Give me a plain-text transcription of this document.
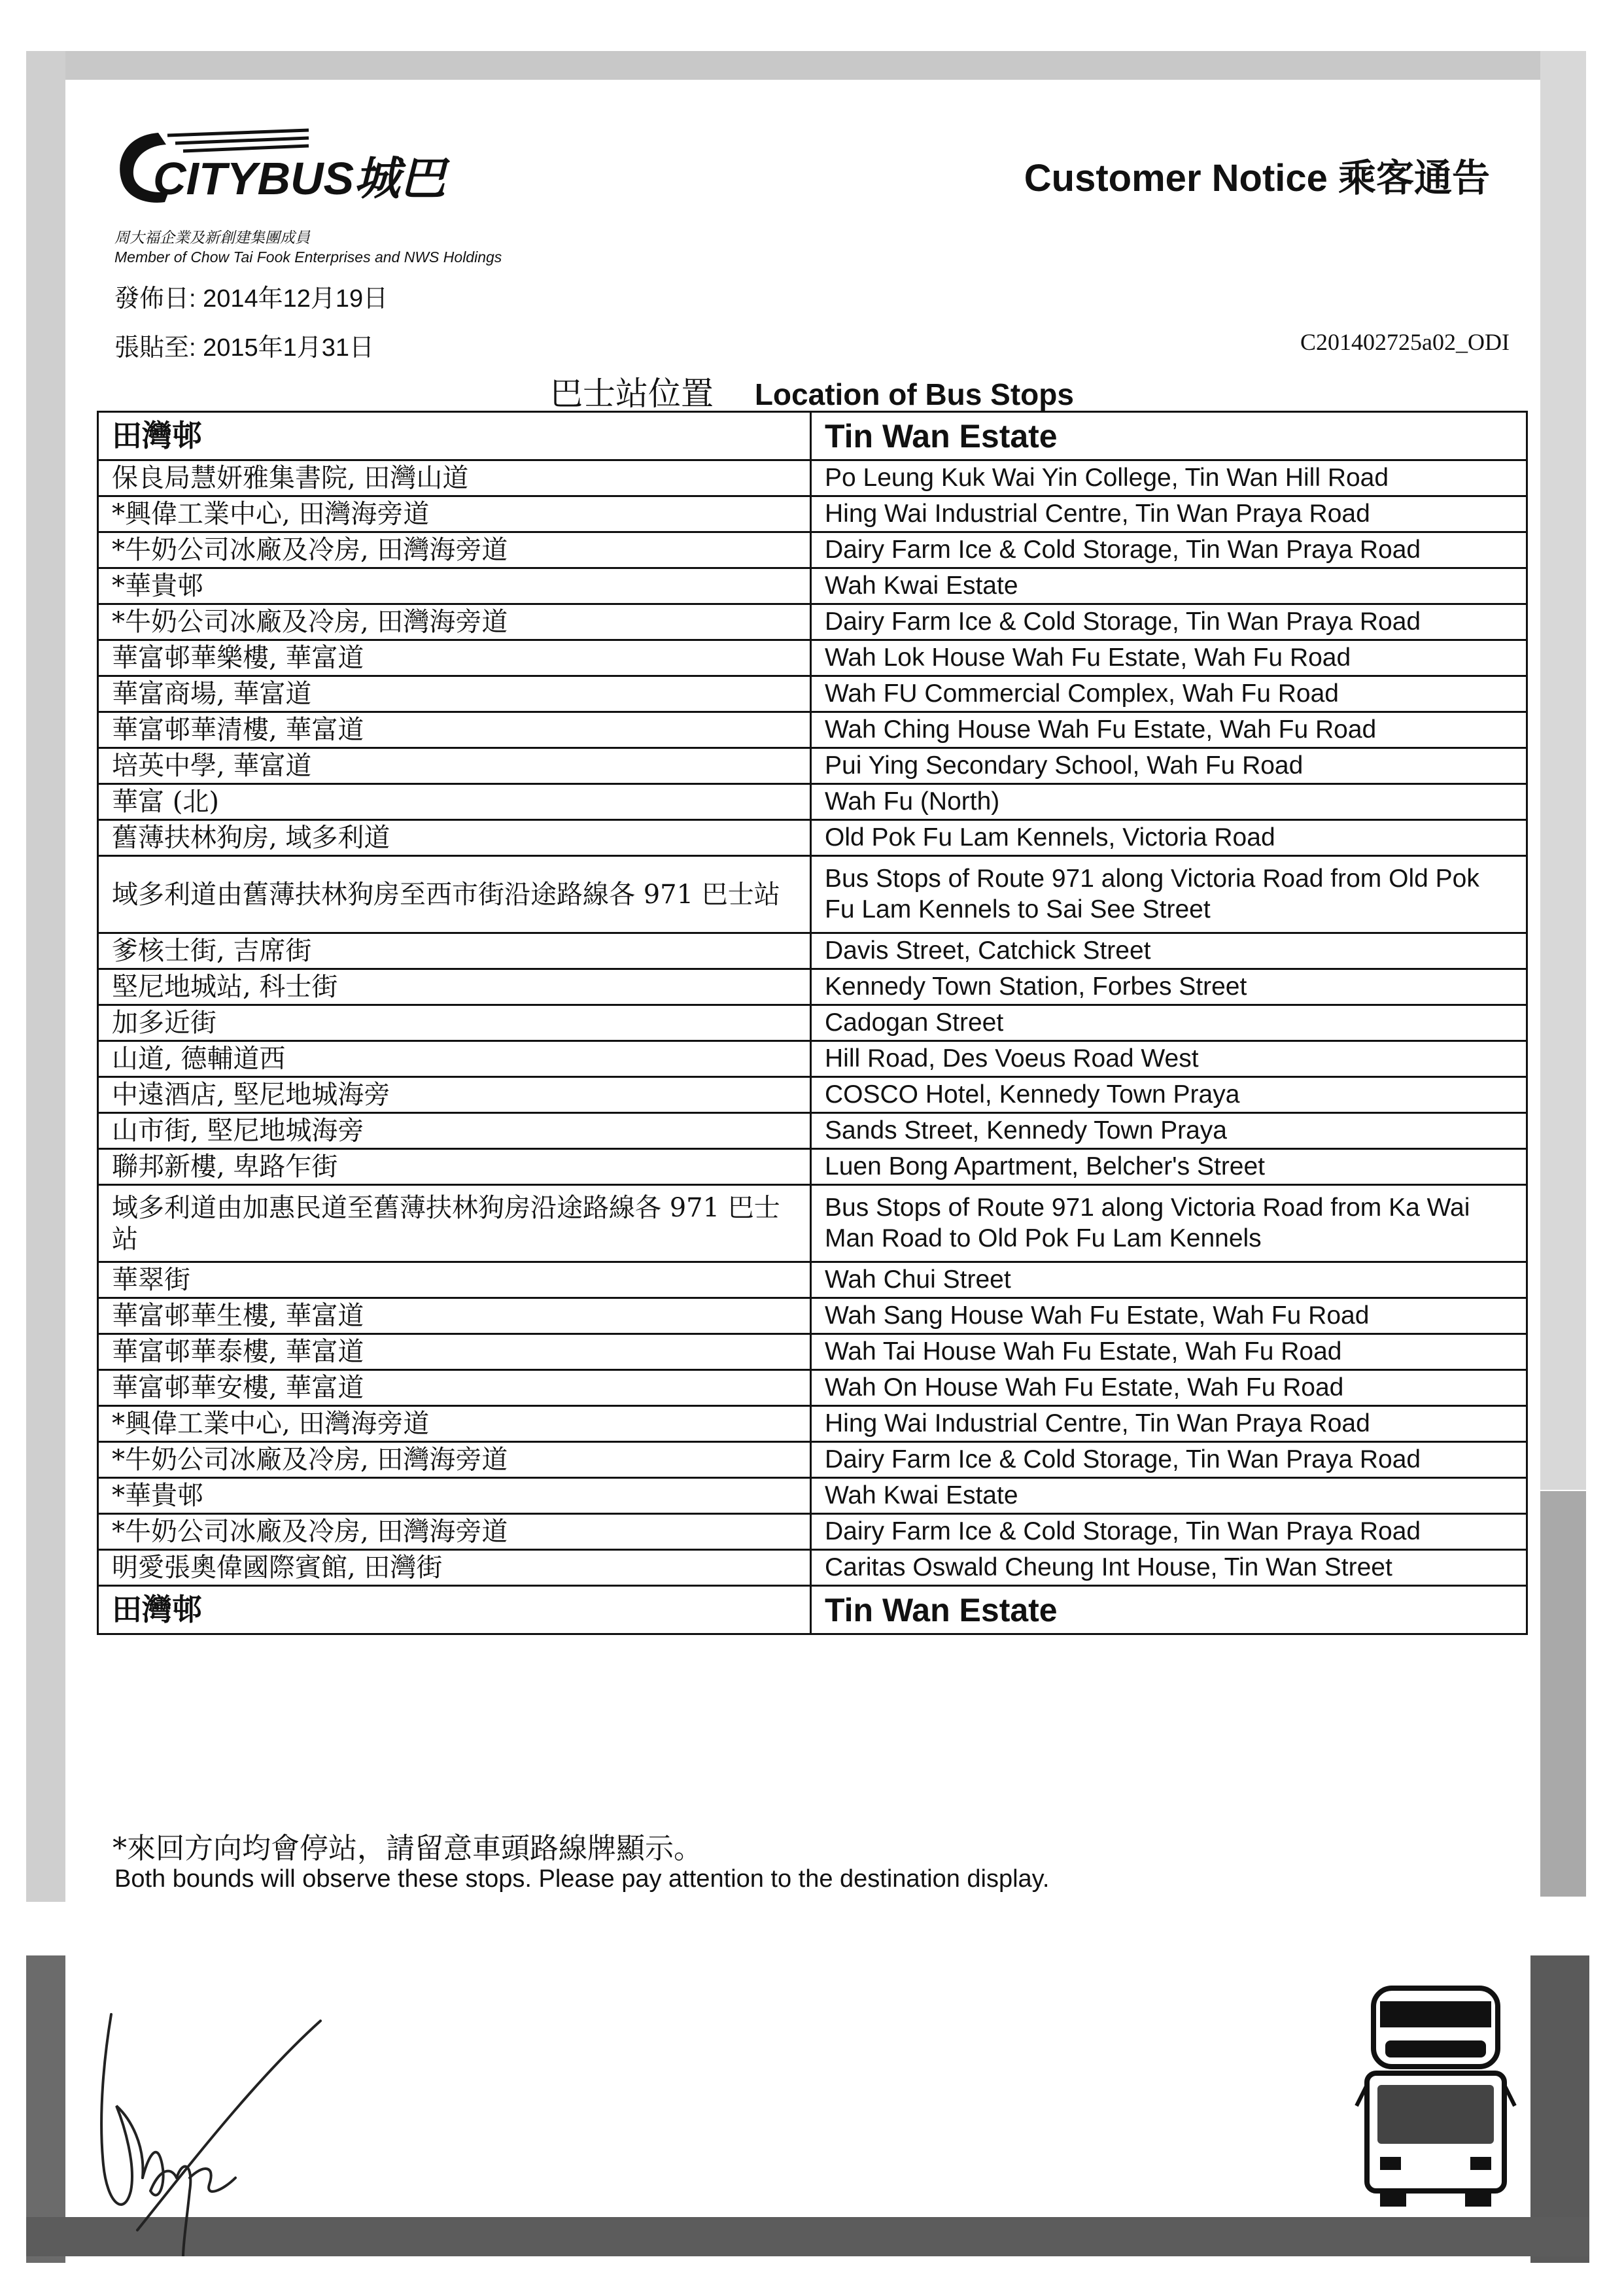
CITYBUS城巴
周大福企業及新創建集團成員
Member of Chow Tai Fook Enterprises and NWS Holdings
發佈日: 2014年12月19日
張貼至: 2015年1月31日
Customer Notice 乘客通告
C201402725a02_ODI
巴士站位置 Location of Bus Stops
田灣邨	Tin Wan Estate
保良局慧妍雅集書院, 田灣山道	Po Leung Kuk Wai Yin College, Tin Wan Hill Road
*興偉工業中心, 田灣海旁道	Hing Wai Industrial Centre, Tin Wan Praya Road
*牛奶公司冰廠及冷房, 田灣海旁道	Dairy Farm Ice & Cold Storage, Tin Wan Praya Road
*華貴邨	Wah Kwai Estate
*牛奶公司冰廠及冷房, 田灣海旁道	Dairy Farm Ice & Cold Storage, Tin Wan Praya Road
華富邨華樂樓, 華富道	Wah Lok House Wah Fu Estate, Wah Fu Road
華富商場, 華富道	Wah FU Commercial Complex, Wah Fu Road
華富邨華清樓, 華富道	Wah Ching House Wah Fu Estate, Wah Fu Road
培英中學, 華富道	Pui Ying Secondary School, Wah Fu Road
華富 (北)	Wah Fu (North)
舊薄扶林狗房, 域多利道	Old Pok Fu Lam Kennels, Victoria Road
域多利道由舊薄扶林狗房至西市街沿途路線各 971 巴士站	Bus Stops of Route 971 along Victoria Road from Old Pok Fu Lam Kennels to Sai See Street
爹核士街, 吉席街	Davis Street, Catchick Street
堅尼地城站, 科士街	Kennedy Town Station, Forbes Street
加多近街	Cadogan Street
山道, 德輔道西	Hill Road, Des Voeus Road West
中遠酒店, 堅尼地城海旁	COSCO Hotel, Kennedy Town Praya
山市街, 堅尼地城海旁	Sands Street, Kennedy Town Praya
聯邦新樓, 卑路乍街	Luen Bong Apartment, Belcher's Street
域多利道由加惠民道至舊薄扶林狗房沿途路線各 971 巴士站	Bus Stops of Route 971 along Victoria Road from Ka Wai Man Road to Old Pok Fu Lam Kennels
華翠街	Wah Chui Street
華富邨華生樓, 華富道	Wah Sang House Wah Fu Estate, Wah Fu Road
華富邨華泰樓, 華富道	Wah Tai House Wah Fu Estate, Wah Fu Road
華富邨華安樓, 華富道	Wah On House Wah Fu Estate, Wah Fu Road
*興偉工業中心, 田灣海旁道	Hing Wai Industrial Centre, Tin Wan Praya Road
*牛奶公司冰廠及冷房, 田灣海旁道	Dairy Farm Ice & Cold Storage, Tin Wan Praya Road
*華貴邨	Wah Kwai Estate
*牛奶公司冰廠及冷房, 田灣海旁道	Dairy Farm Ice & Cold Storage, Tin Wan Praya Road
明愛張奧偉國際賓館, 田灣街	Caritas Oswald Cheung Int House, Tin Wan Street
田灣邨	Tin Wan Estate
*來回方向均會停站，請留意車頭路線牌顯示。
Both bounds will observe these stops. Please pay attention to the destination display.
